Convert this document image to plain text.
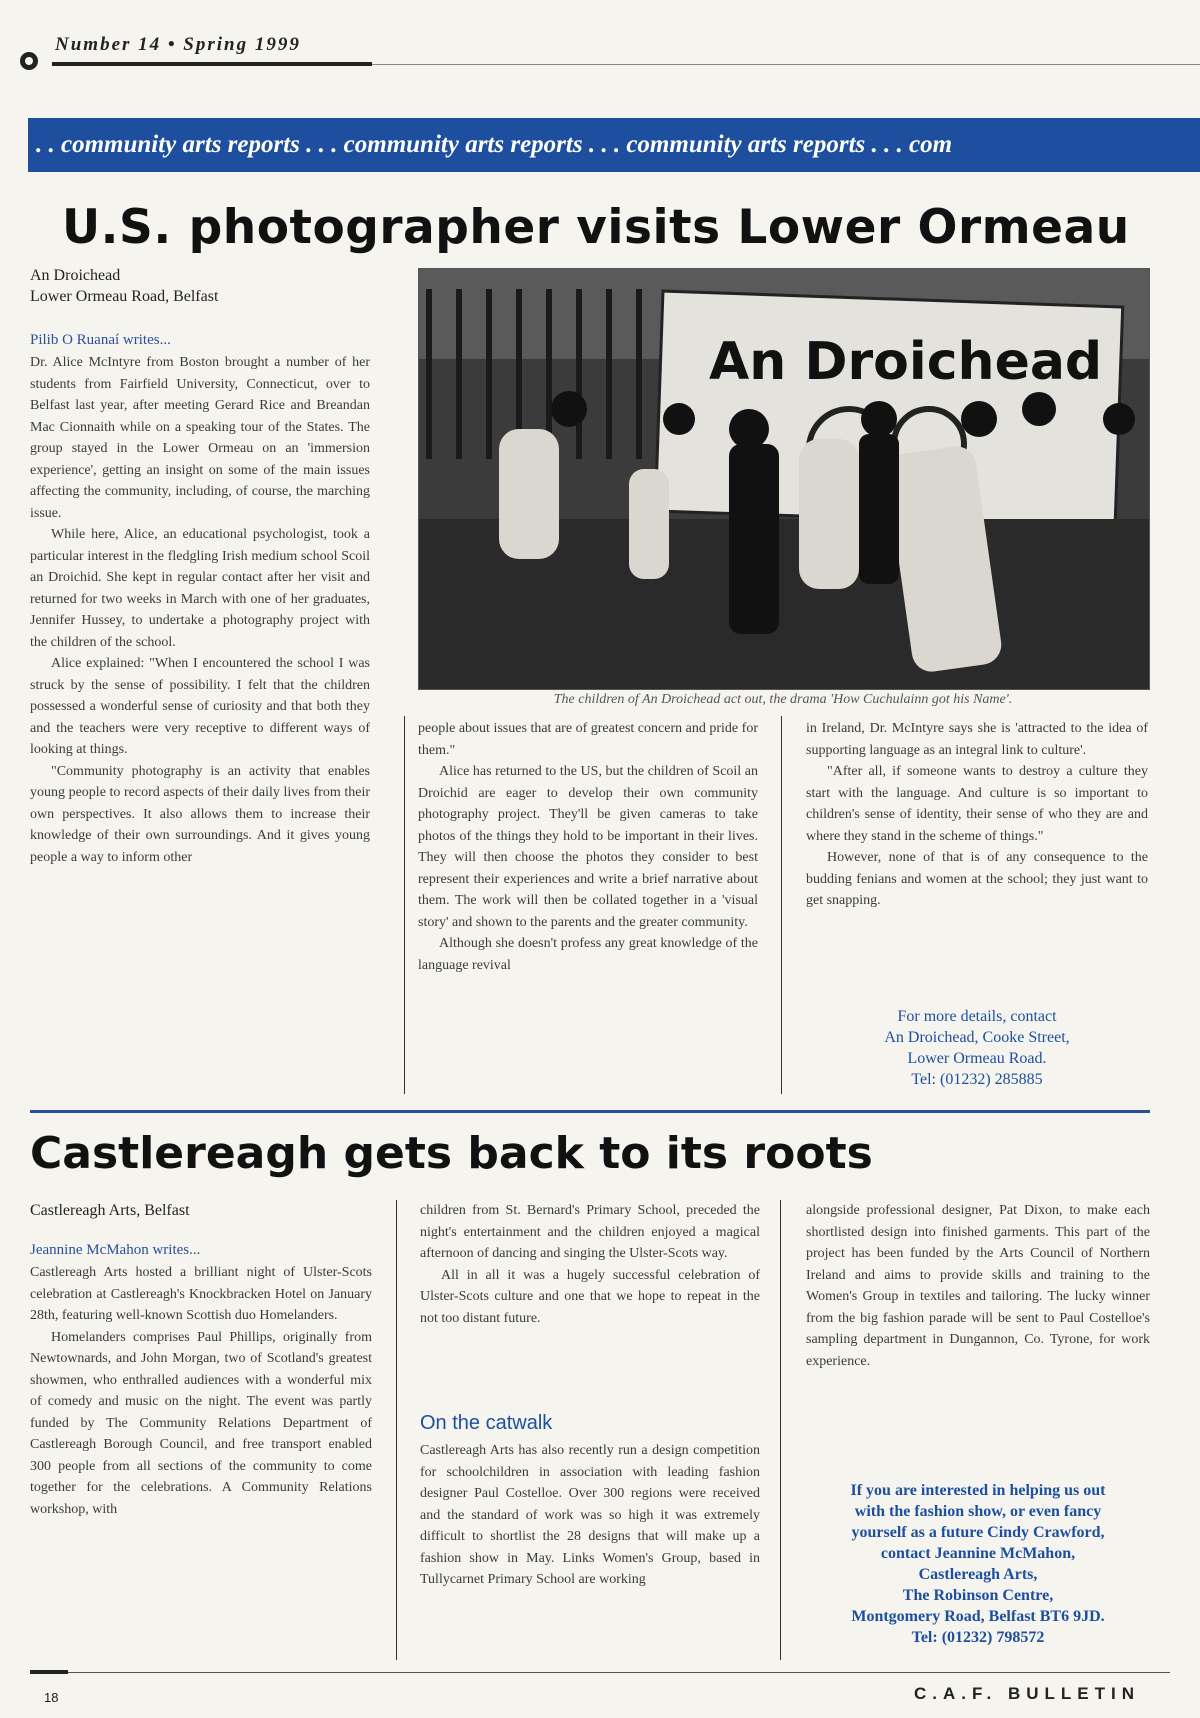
Number 14 • Spring 1999
. . community arts reports . . . community arts reports . . . community arts reports . . . com
U.S. photographer visits Lower Ormeau
An Droichead
Lower Ormeau Road, Belfast
Pilib O Ruanaí writes...

Dr. Alice McIntyre from Boston brought a number of her students from Fairfield University, Connecticut, over to Belfast last year, after meeting Gerard Rice and Breandan Mac Cionnaith while on a speaking tour of the States. The group stayed in the Lower Ormeau on an 'immersion experience', getting an insight on some of the main issues affecting the community, including, of course, the marching issue.

While here, Alice, an educational psychologist, took a particular interest in the fledgling Irish medium school Scoil an Droichid. She kept in regular contact after her visit and returned for two weeks in March with one of her graduates, Jennifer Hussey, to undertake a photography project with the children of the school.

Alice explained: "When I encountered the school I was struck by the sense of possibility. I felt that the children possessed a wonderful sense of curiosity and that both they and the teachers were very receptive to different ways of looking at things.

"Community photography is an activity that enables young people to record aspects of their daily lives from their own perspectives. It also allows them to increase their knowledge of their own surroundings. And it gives young people a way to inform other

An Droichead
The children of An Droichead act out, the drama 'How Cuchulainn got his Name'.

people about issues that are of greatest concern and pride for them."

Alice has returned to the US, but the children of Scoil an Droichid are eager to develop their own community photography project. They'll be given cameras to take photos of the things they hold to be important in their lives. They will then choose the photos they consider to best represent their experiences and write a brief narrative about them. The work will then be collated together in a 'visual story' and shown to the parents and the greater community.

Although she doesn't profess any great knowledge of the language revival

in Ireland, Dr. McIntyre says she is 'attracted to the idea of supporting language as an integral link to culture'.

"After all, if someone wants to destroy a culture they start with the language. And culture is so important to children's sense of identity, their sense of who they are and where they stand in the scheme of things."

However, none of that is of any consequence to the budding fenians and women at the school; they just want to get snapping.

For more details, contact
An Droichead, Cooke Street,
Lower Ormeau Road.
Tel: (01232) 285885
Castlereagh gets back to its roots
Castlereagh Arts, Belfast
Jeannine McMahon writes...

Castlereagh Arts hosted a brilliant night of Ulster-Scots celebration at Castlereagh's Knockbracken Hotel on January 28th, featuring well-known Scottish duo Homelanders.

Homelanders comprises Paul Phillips, originally from Newtownards, and John Morgan, two of Scotland's greatest showmen, who enthralled audiences with a wonderful mix of comedy and music on the night. The event was partly funded by The Community Relations Department of Castlereagh Borough Council, and free transport enabled 300 people from all sections of the community to come together for the celebrations. A Community Relations workshop, with

children from St. Bernard's Primary School, preceded the night's entertainment and the children enjoyed a magical afternoon of dancing and singing the Ulster-Scots way.

All in all it was a hugely successful celebration of Ulster-Scots culture and one that we hope to repeat in the not too distant future.

On the catwalk

Castlereagh Arts has also recently run a design competition for schoolchildren in association with leading fashion designer Paul Costelloe. Over 300 regions were received and the standard of work was so high it was extremely difficult to shortlist the 28 designs that will make up a fashion show in May. Links Women's Group, based in Tullycarnet Primary School are working

alongside professional designer, Pat Dixon, to make each shortlisted design into finished garments. This part of the project has been funded by the Arts Council of Northern Ireland and aims to provide skills and training to the Women's Group in textiles and tailoring. The lucky winner from the big fashion parade will be sent to Paul Costelloe's sampling department in Dungannon, Co. Tyrone, for work experience.

If you are interested in helping us out
with the fashion show, or even fancy
yourself as a future Cindy Crawford,
contact Jeannine McMahon,
Castlereagh Arts,
The Robinson Centre,
Montgomery Road, Belfast BT6 9JD.
Tel: (01232) 798572
18	C.A.F. BULLETIN
